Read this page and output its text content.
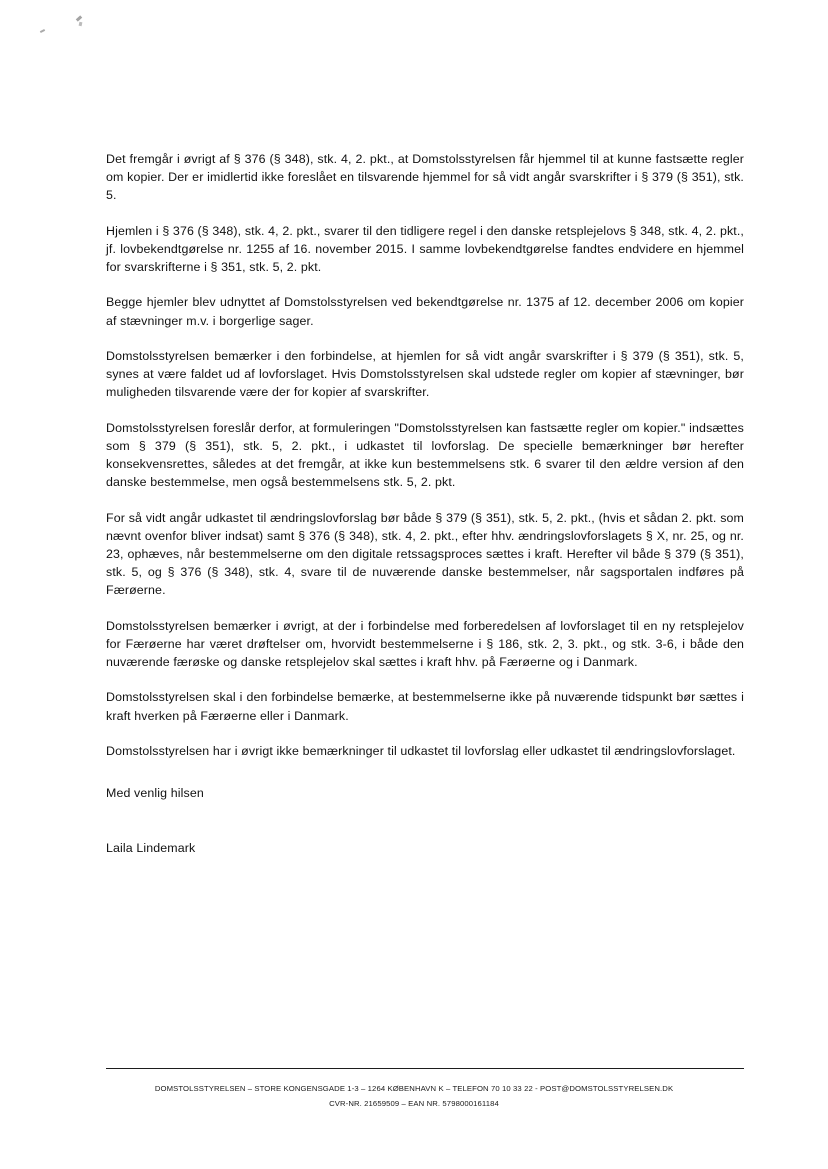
Det fremgår i øvrigt af § 376 (§ 348), stk. 4, 2. pkt., at Domstolsstyrelsen får hjemmel til at kunne fastsætte regler om kopier. Der er imidlertid ikke foreslået en tilsvarende hjemmel for så vidt angår svarskrifter i § 379 (§ 351), stk. 5.

Hjemlen i § 376 (§ 348), stk. 4, 2. pkt., svarer til den tidligere regel i den danske retsplejelovs § 348, stk. 4, 2. pkt., jf. lovbekendtgørelse nr. 1255 af 16. november 2015. I samme lovbekendtgørelse fandtes endvidere en hjemmel for svarskrifterne i § 351, stk. 5, 2. pkt.

Begge hjemler blev udnyttet af Domstolsstyrelsen ved bekendtgørelse nr. 1375 af 12. december 2006 om kopier af stævninger m.v. i borgerlige sager.

Domstolsstyrelsen bemærker i den forbindelse, at hjemlen for så vidt angår svarskrifter i § 379 (§ 351), stk. 5, synes at være faldet ud af lovforslaget. Hvis Domstolsstyrelsen skal udstede regler om kopier af stævninger, bør muligheden tilsvarende være der for kopier af svarskrifter.

Domstolsstyrelsen foreslår derfor, at formuleringen "Domstolsstyrelsen kan fastsætte regler om kopier." indsættes som § 379 (§ 351), stk. 5, 2. pkt., i udkastet til lovforslag. De specielle bemærkninger bør herefter konsekvensrettes, således at det fremgår, at ikke kun bestemmelsens stk. 6 svarer til den ældre version af den danske bestemmelse, men også bestemmelsens stk. 5, 2. pkt.

For så vidt angår udkastet til ændringslovforslag bør både § 379 (§ 351), stk. 5, 2. pkt., (hvis et sådan 2. pkt. som nævnt ovenfor bliver indsat) samt § 376 (§ 348), stk. 4, 2. pkt., efter hhv. ændringslovforslagets § X, nr. 25, og nr. 23, ophæves, når bestemmelserne om den digitale retssagsproces sættes i kraft. Herefter vil både § 379 (§ 351), stk. 5, og § 376 (§ 348), stk. 4, svare til de nuværende danske bestemmelser, når sagsportalen indføres på Færøerne.

Domstolsstyrelsen bemærker i øvrigt, at der i forbindelse med forberedelsen af lovforslaget til en ny retsplejelov for Færøerne har været drøftelser om, hvorvidt bestemmelserne i § 186, stk. 2, 3. pkt., og stk. 3-6, i både den nuværende færøske og danske retsplejelov skal sættes i kraft hhv. på Færøerne og i Danmark.

Domstolsstyrelsen skal i den forbindelse bemærke, at bestemmelserne ikke på nuværende tidspunkt bør sættes i kraft hverken på Færøerne eller i Danmark.

Domstolsstyrelsen har i øvrigt ikke bemærkninger til udkastet til lovforslag eller udkastet til ændringslovforslaget.

Med venlig hilsen

Laila Lindemark

DOMSTOLSSTYRELSEN – STORE KONGENSGADE 1-3 – 1264 KØBENHAVN K – TELEFON 70 10 33 22 - POST@DOMSTOLSSTYRELSEN.DK
CVR-NR. 21659509 – EAN NR. 5798000161184
